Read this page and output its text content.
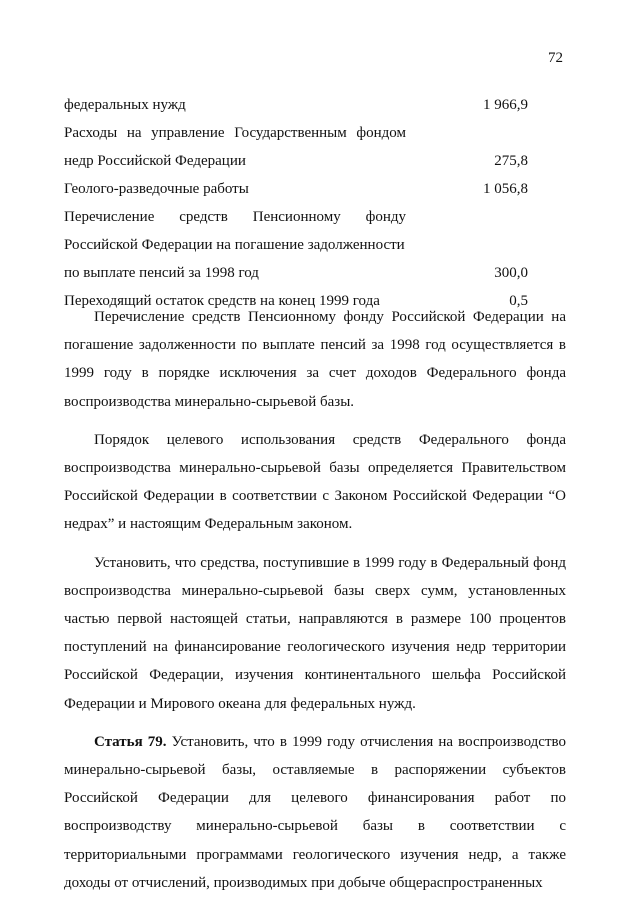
72
федеральных нужд	1 966,9
Расходы на управление Государственным фондом
недр Российской Федерации	275,8
Геолого-разведочные работы	1 056,8
Перечисление средств Пенсионному фонду
Российской Федерации на погашение задолженности
по выплате пенсий за 1998 год	300,0
Переходящий остаток средств на конец 1999 года	0,5

Перечисление средств Пенсионному фонду Российской Федерации на погашение задолженности по выплате пенсий за 1998 год осуществляется в 1999 году в порядке исключения за счет доходов Федерального фонда воспроизводства минерально-сырьевой базы.

Порядок целевого использования средств Федерального фонда воспроизводства минерально-сырьевой базы определяется Правительством Российской Федерации в соответствии с Законом Российской Федерации “О недрах” и настоящим Федеральным законом.

Установить, что средства, поступившие в 1999 году в Федеральный фонд воспроизводства минерально-сырьевой базы сверх сумм, установленных частью первой настоящей статьи, направляются в размере 100 процентов поступлений на финансирование геологического изучения недр территории Российской Федерации, изучения континентального шельфа Российской Федерации и Мирового океана для федеральных нужд.

Статья 79. Установить, что в 1999 году отчисления на воспроизводство минерально-сырьевой базы, оставляемые в распоряжении субъектов Российской Федерации для целевого финансирования работ по воспроизводству минерально-сырьевой базы в соответствии с территориальными программами геологического изучения недр, а также доходы от отчислений, производимых при добыче общераспространенных
